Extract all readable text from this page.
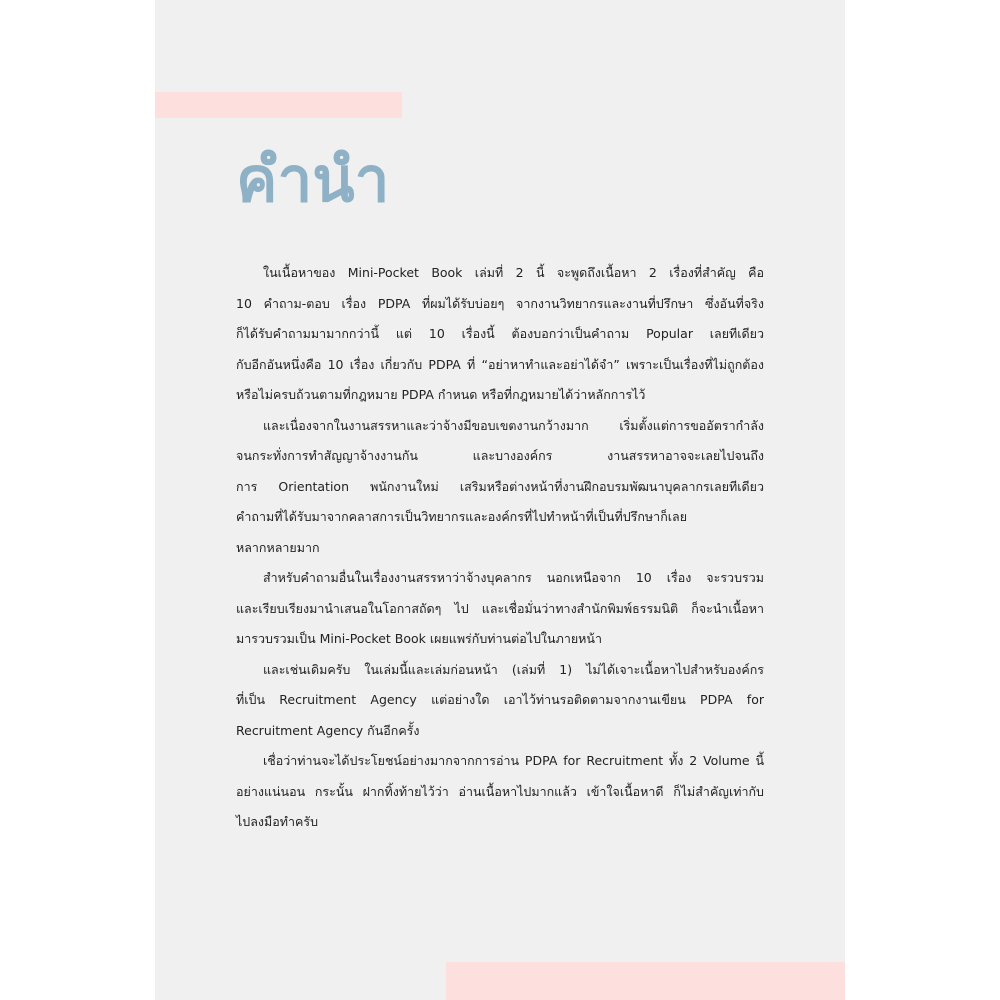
คำนำ
ในเนื้อหาของ Mini-Pocket Book เล่มที่ 2 นี้ จะพูดถึงเนื้อหา 2 เรื่องที่สำคัญ คือ
10 คำถาม-ตอบ เรื่อง PDPA ที่ผมได้รับบ่อยๆ จากงานวิทยากรและงานที่ปรึกษา ซึ่งอันที่จริง
ก็ได้รับคำถามมามากกว่านี้ แต่ 10 เรื่องนี้ ต้องบอกว่าเป็นคำถาม Popular เลยทีเดียว
กับอีกอันหนึ่งคือ 10 เรื่อง เกี่ยวกับ PDPA ที่ “อย่าหาทำและอย่าได้จำ” เพราะเป็นเรื่องที่ไม่ถูกต้อง
หรือไม่ครบถ้วนตามที่กฎหมาย PDPA กำหนด หรือที่กฎหมายได้ว่าหลักการไว้
และเนื่องจากในงานสรรหาและว่าจ้างมีขอบเขตงานกว้างมาก เริ่มตั้งแต่การขออัตรากำลัง
จนกระทั่งการทำสัญญาจ้างงานกัน และบางองค์กร งานสรรหาอาจจะเลยไปจนถึง
การ Orientation พนักงานใหม่ เสริมหรือต่างหน้าที่งานฝึกอบรมพัฒนาบุคลากรเลยทีเดียว
คำถามที่ได้รับมาจากคลาสการเป็นวิทยากรและองค์กรที่ไปทำหน้าที่เป็นที่ปรึกษาก็เลย
หลากหลายมาก
สำหรับคำถามอื่นในเรื่องงานสรรหาว่าจ้างบุคลากร นอกเหนือจาก 10 เรื่อง จะรวบรวม
และเรียบเรียงมานำเสนอในโอกาสถัดๆ ไป และเชื่อมั่นว่าทางสำนักพิมพ์ธรรมนิติ ก็จะนำเนื้อหา
มารวบรวมเป็น Mini-Pocket Book เผยแพร่กับท่านต่อไปในภายหน้า
และเช่นเดิมครับ ในเล่มนี้และเล่มก่อนหน้า (เล่มที่ 1) ไม่ได้เจาะเนื้อหาไปสำหรับองค์กร
ที่เป็น Recruitment Agency แต่อย่างใด เอาไว้ท่านรอติดตามจากงานเขียน PDPA for
Recruitment Agency กันอีกครั้ง
เชื่อว่าท่านจะได้ประโยชน์อย่างมากจากการอ่าน PDPA for Recruitment ทั้ง 2 Volume นี้
อย่างแน่นอน กระนั้น ฝากทิ้งท้ายไว้ว่า อ่านเนื้อหาไปมากแล้ว เข้าใจเนื้อหาดี ก็ไม่สำคัญเท่ากับ
ไปลงมือทำครับ
